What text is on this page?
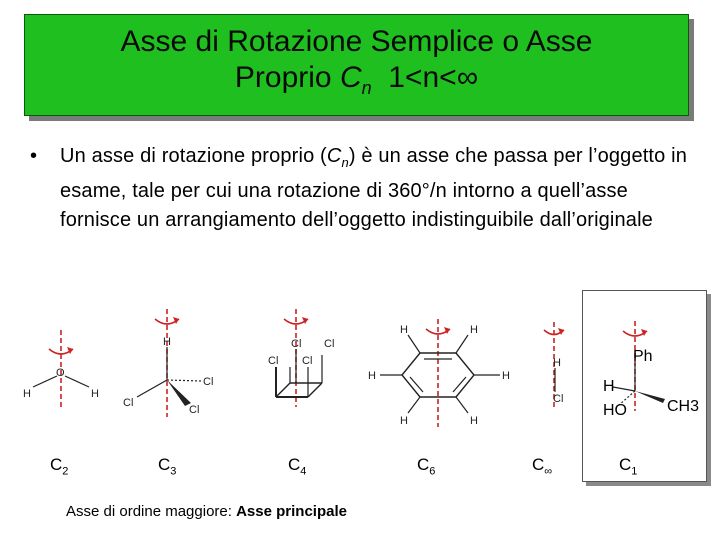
Asse di Rotazione Semplice o Asse
Proprio $C_n$ 1<n<∞
• Un asse di rotazione proprio $(C_n)$ è un asse che passa per l’oggetto in esame, tale per cui una rotazione di 360°/n intorno a quell’asse fornisce un arrangiamento dell’oggetto indistinguibile dall’originale
O
H	H
H
Cl
Cl
Cl
Cl Cl
Cl Cl
H	H
H	H
H	H
H
Cl
Ph
H
HO	CH3
$C_2$	$C_3$	$C_4$	$C_6$	$C_\infty$	$C_1$
Asse di ordine maggiore: Asse principale
